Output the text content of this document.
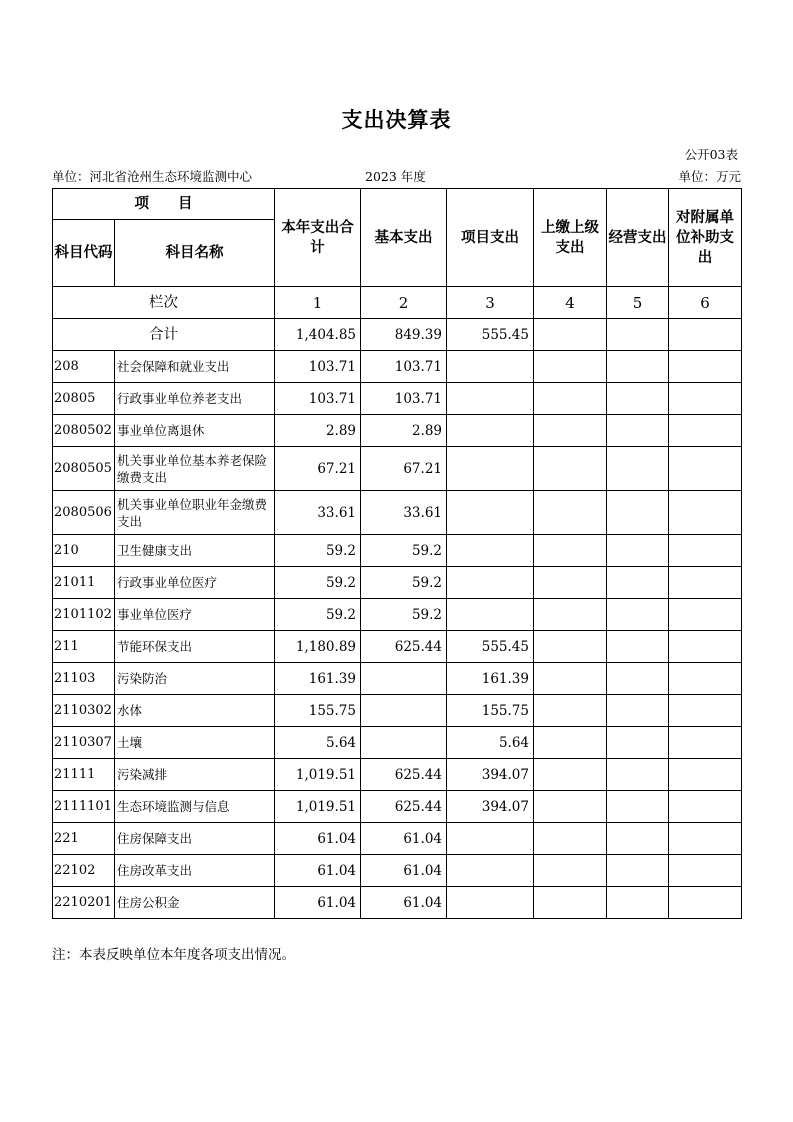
支出决算表
公开03表
单位：河北省沧州生态环境监测中心	2023 年度	单位：万元
项　　目		本年支出合计	基本支出	项目支出	上缴上级支出	经营支出	对附属单位补助支出
科目代码	科目名称						
栏次		1	2	3	4	5	6
合计		1,404.85	849.39	555.45			
208	社会保障和就业支出	103.71	103.71				
20805	行政事业单位养老支出	103.71	103.71				
2080502	事业单位离退休	2.89	2.89				
2080505	机关事业单位基本养老保险缴费支出	67.21	67.21				
2080506	机关事业单位职业年金缴费支出	33.61	33.61				
210	卫生健康支出	59.2	59.2				
21011	行政事业单位医疗	59.2	59.2				
2101102	事业单位医疗	59.2	59.2				
211	节能环保支出	1,180.89	625.44	555.45			
21103	污染防治	161.39		161.39			
2110302	水体	155.75		155.75			
2110307	土壤	5.64		5.64			
21111	污染减排	1,019.51	625.44	394.07			
2111101	生态环境监测与信息	1,019.51	625.44	394.07			
221	住房保障支出	61.04	61.04				
22102	住房改革支出	61.04	61.04				
2210201	住房公积金	61.04	61.04				
注：本表反映单位本年度各项支出情况。
